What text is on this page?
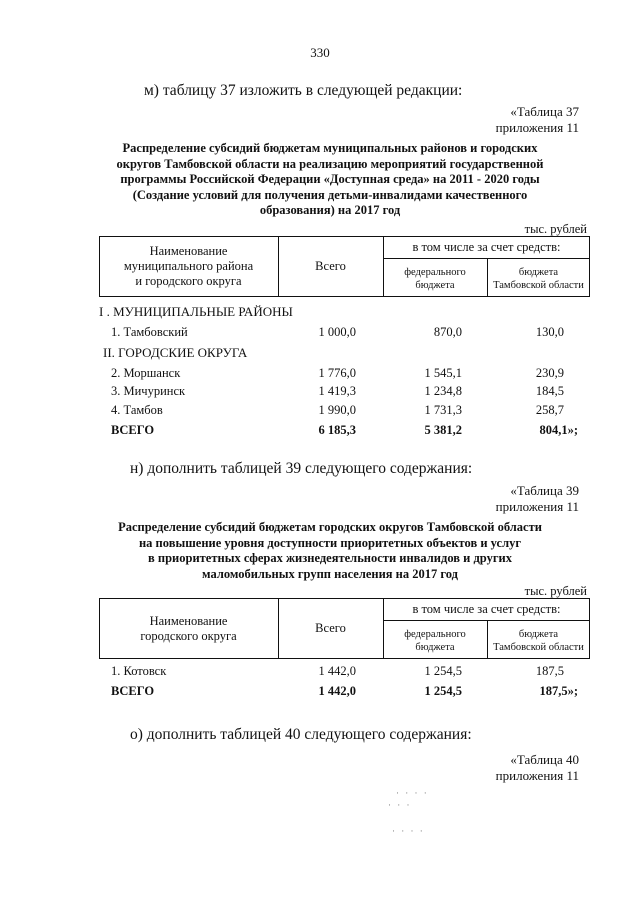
330
м) таблицу 37 изложить в следующей редакции:
«Таблица 37
приложения 11
Распределение субсидий бюджетам муниципальных районов и городских
округов Тамбовской области на реализацию мероприятий государственной
программы Российской Федерации «Доступная среда» на 2011 - 2020 годы
(Создание условий для получения детьми-инвалидами качественного
образования) на 2017 год
тыс. рублей
Наименование
муниципального района
и городского округа
Всего
в том числе за счет средств:
федерального
бюджета
бюджета
Тамбовской области
I . МУНИЦИПАЛЬНЫЕ РАЙОНЫ
1. Тамбовский	1 000,0	870,0	130,0
II. ГОРОДСКИЕ ОКРУГА
2. Моршанск	1 776,0	1 545,1	230,9
3. Мичуринск	1 419,3	1 234,8	184,5
4. Тамбов	1 990,0	1 731,3	258,7
ВСЕГО	6 185,3	5 381,2	804,1»;
н) дополнить таблицей 39 следующего содержания:
«Таблица 39
приложения 11
Распределение субсидий бюджетам городских округов Тамбовской области
на повышение уровня доступности приоритетных объектов и услуг
в приоритетных сферах жизнедеятельности инвалидов и других
маломобильных групп населения на 2017 год
тыс. рублей
Наименование
городского округа
Всего
в том числе за счет средств:
федерального
бюджета
бюджета
Тамбовской области
1. Котовск	1 442,0	1 254,5	187,5
ВСЕГО	1 442,0	1 254,5	187,5»;
о) дополнить таблицей 40 следующего содержания:
«Таблица 40
приложения 11
· · · ·
· · ·
· · · ·
